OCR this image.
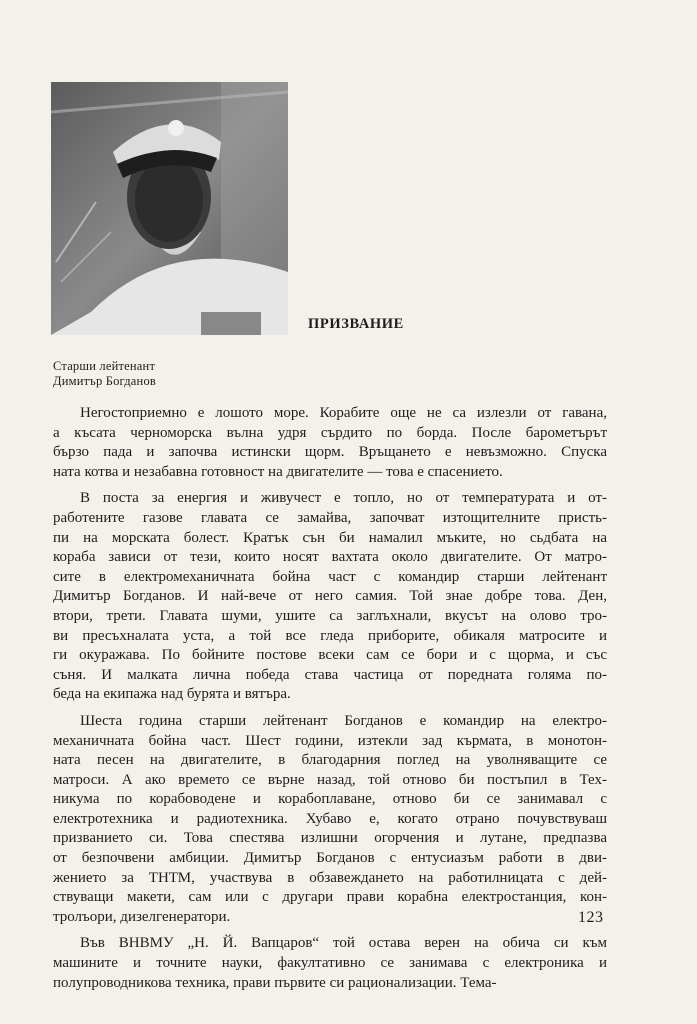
Старши лейтенант
Димитър Богданов
ПРИЗВАНИЕ

Негостоприемно е лошото море. Корабите още не са излезли от гавана,
а късата черноморска вълна удря сърдито по борда. После барометърът
бързо пада и започва истински щорм. Връщането е невъзможно. Спуска
ната котва и незабавна готовност на двигателите — това е спасението.

В поста за енергия и живучест е топло, но от температурата и от-
работените газове главата се замайва, започват изтощителните присть-
пи на морската болест. Кратък сън би намалил мъките, но сьдбата на
кораба зависи от тези, които носят вахтата около двигателите. От матро-
сите в електромеханичната бойна част с командир старши лейтенант
Димитър Богданов. И най-вече от него самия. Той знае добре това. Ден,
втори, трети. Главата шуми, ушите са заглъхнали, вкусът на олово тро-
ви пресъхналата уста, а той все гледа приборите, обикаля матросите и
ги окуражава. По бойните постове всеки сам се бори и с щорма, и със
съня. И малката лична победа става частица от поредната голяма по-
беда на екипажа над бурята и вятъра.

Шеста година старши лейтенант Богданов е командир на електро-
механичната бойна част. Шест години, изтекли зад кърмата, в монотон-
ната песен на двигателите, в благодарния поглед на уволняващите се
матроси. А ако времето се върне назад, той отново би постъпил в Тех-
никума по корабоводене и корабоплаване, отново би се занимавал с
електротехника и радиотехника. Хубаво е, когато отрано почувствуваш
призванието си. Това спестява излишни огорчения и лутане, предпазва
от безпочвени амбиции. Димитър Богданов с ентусиазъм работи в дви-
жението за ТНТМ, участвува в обзавеждането на работилницата с дей-
ствуващи макети, сам или с другари прави корабна електростанция, кон-
тролъори, дизелгенератори.

Във ВНВМУ „Н. Й. Вапцаров“ той остава верен на обича си към
машините и точните науки, факултативно се занимава с електроника и
полупроводникова техника, прави първите си рационализации. Тема-

123
